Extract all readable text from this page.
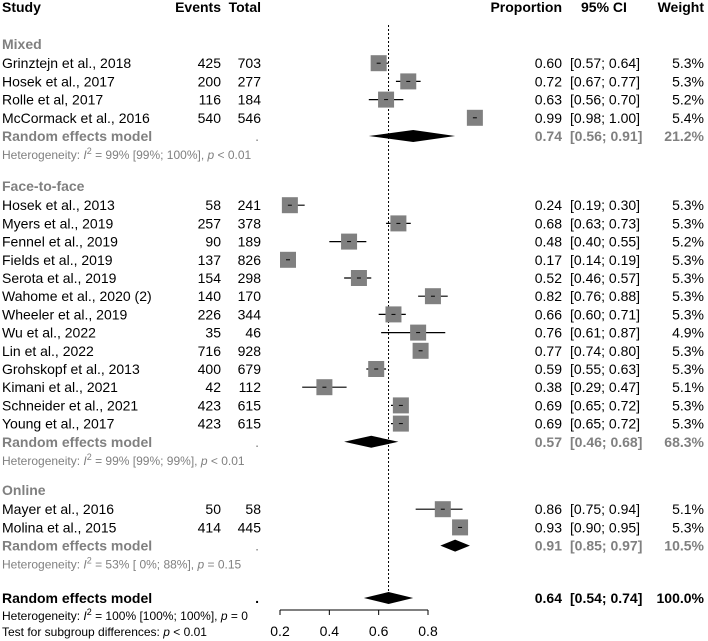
Study	Events Total	Proportion 95% CI Weight
Mixed
Grinztejn et al., 2018	425 703	0.60 [0.57; 0.64] 5.3%
Hosek et al., 2017	200 277	0.72 [0.67; 0.77] 5.3%
Rolle et al, 2017	116 184	0.63 [0.56; 0.70] 5.2%
McCormack et al., 2016	540 546	0.99 [0.98; 1.00] 5.4%
Random effects model	.	0.74 [0.56; 0.91] 21.2%
Heterogeneity: $I^2 = 99\%$ [99%; 100%], p < 0.01
Face-to-face
Hosek et al., 2013	58 241	0.24 [0.19; 0.30] 5.3%
Myers et al., 2019	257 378	0.68 [0.63; 0.73] 5.3%
Fennel et al., 2019	90 189	0.48 [0.40; 0.55] 5.2%
Fields et al., 2019	137 826	0.17 [0.14; 0.19] 5.3%
Serota et al., 2019	154 298	0.52 [0.46; 0.57] 5.3%
Wahome et al., 2020 (2)	140 170	0.82 [0.76; 0.88] 5.3%
Wheeler et al., 2019	226 344	0.66 [0.60; 0.71] 5.3%
Wu et al., 2022	35 46	0.76 [0.61; 0.87] 4.9%
Lin et al., 2022	716 928	0.77 [0.74; 0.80] 5.3%
Grohskopf et al., 2013	400 679	0.59 [0.55; 0.63] 5.3%
Kimani et al., 2021	42 112	0.38 [0.29; 0.47] 5.1%
Schneider et al., 2021	423 615	0.69 [0.65; 0.72] 5.3%
Young et al., 2017	423 615	0.69 [0.65; 0.72] 5.3%
Random effects model	.	0.57 [0.46; 0.68] 68.3%
Heterogeneity: $I^2 = 99\%$ [99%; 99%], p < 0.01
Online
Mayer et al., 2016	50 58	0.86 [0.75; 0.94] 5.1%
Molina et al., 2015	414 445	0.93 [0.90; 0.95] 5.3%
Random effects model	.	0.91 [0.85; 0.97] 10.5%
Heterogeneity: $I^2 = 53\%$ [ 0%; 88%], p = 0.15
Random effects model	.	0.64 [0.54; 0.74] 100.0%
Heterogeneity: $I^2 = 100\%$ [100%; 100%], p = 0
Test for subgroup differences: p < 0.01	0.2 0.4 0.6 0.8
